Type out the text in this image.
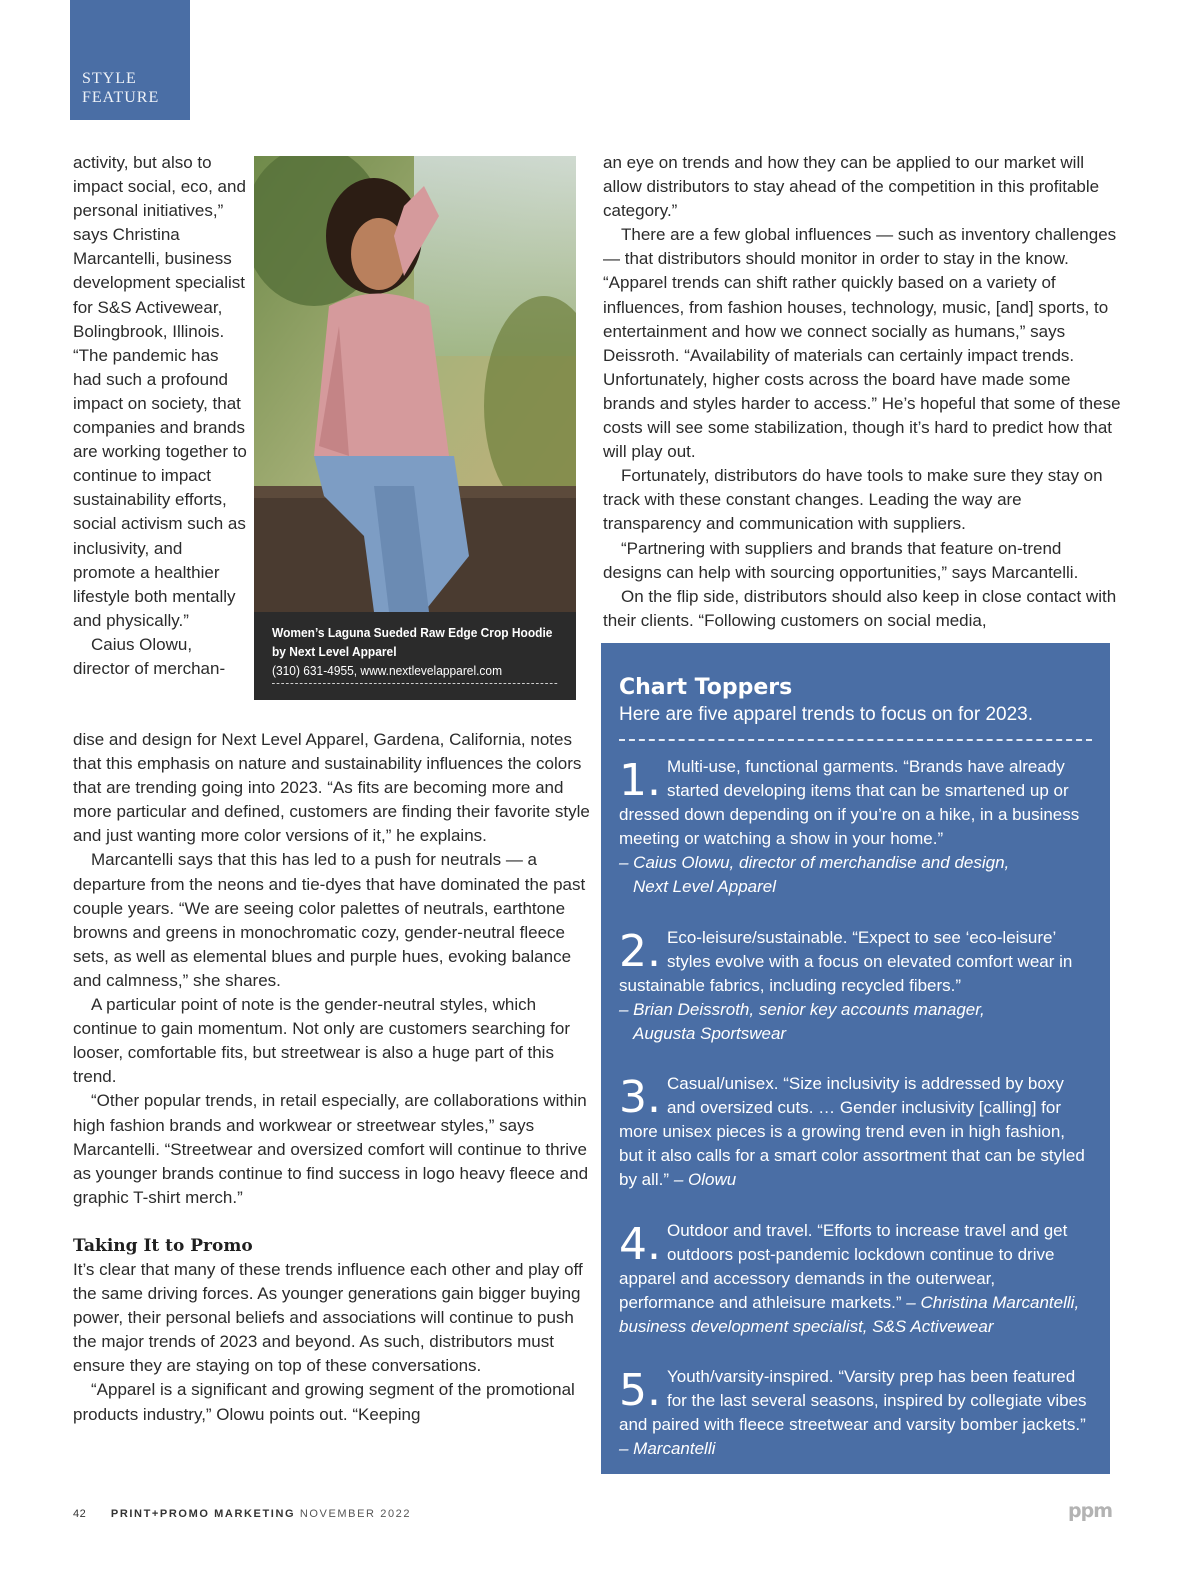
STYLE
FEATURE

activity, but also to impact social, eco, and personal initiatives,” says Christina Marcantelli, business development specialist for S&S Activewear, Bolingbrook, Illinois. “The pandemic has had such a profound impact on society, that companies and brands are working together to continue to impact sustainability efforts, social activism such as inclusivity, and promote a healthier lifestyle both mentally and physically.”

Caius Olowu, director of merchan-

Women’s Laguna Sueded Raw Edge Crop Hoodie by Next Level Apparel
(310) 631-4955, www.nextlevelapparel.com

dise and design for Next Level Apparel, Gardena, California, notes that this emphasis on nature and sustainability influences the colors that are trending going into 2023. “As fits are becoming more and more particular and defined, customers are finding their favorite style and just wanting more color versions of it,” he explains.

Marcantelli says that this has led to a push for neutrals — a departure from the neons and tie-dyes that have dominated the past couple years. “We are seeing color palettes of neutrals, earthtone browns and greens in monochromatic cozy, gender-neutral fleece sets, as well as elemental blues and purple hues, evoking balance and calmness,” she shares.

A particular point of note is the gender-neutral styles, which continue to gain momentum. Not only are customers searching for looser, comfortable fits, but streetwear is also a huge part of this trend.

“Other popular trends, in retail especially, are collaborations within high fashion brands and workwear or streetwear styles,” says Marcantelli. “Streetwear and oversized comfort will continue to thrive as younger brands continue to find success in logo heavy fleece and graphic T-shirt merch.”

Taking It to Promo

It’s clear that many of these trends influence each other and play off the same driving forces. As younger generations gain bigger buying power, their personal beliefs and associations will continue to push the major trends of 2023 and beyond. As such, distributors must ensure they are staying on top of these conversations.

“Apparel is a significant and growing segment of the promotional products industry,” Olowu points out. “Keeping

an eye on trends and how they can be applied to our market will allow distributors to stay ahead of the competition in this profitable category.”

There are a few global influences — such as inventory challenges — that distributors should monitor in order to stay in the know. “Apparel trends can shift rather quickly based on a variety of influences, from fashion houses, technology, music, [and] sports, to entertainment and how we connect socially as humans,” says Deissroth. “Availability of materials can certainly impact trends. Unfortunately, higher costs across the board have made some brands and styles harder to access.” He’s hopeful that some of these costs will see some stabilization, though it’s hard to predict how that will play out.

Fortunately, distributors do have tools to make sure they stay on track with these constant changes. Leading the way are transparency and communication with suppliers.

“Partnering with suppliers and brands that feature on-trend designs can help with sourcing opportunities,” says Marcantelli.

On the flip side, distributors should also keep in close contact with their clients. “Following customers on social media,

Chart Toppers

Here are five apparel trends to focus on for 2023.

1. Multi-use, functional garments. “Brands have already started developing items that can be smartened up or dressed down depending on if you’re on a hike, in a business meeting or watching a show in your home.”

– Caius Olowu, director of merchandise and design,

Next Level Apparel
2. Eco-leisure/sustainable. “Expect to see ‘eco-leisure’ styles evolve with a focus on elevated comfort wear in sustainable fabrics, including recycled fibers.”

– Brian Deissroth, senior key accounts manager,

Augusta Sportswear
3. Casual/unisex. “Size inclusivity is addressed by boxy and oversized cuts. … Gender inclusivity [calling] for more unisex pieces is a growing trend even in high fashion, but it also calls for a smart color assortment that can be styled by all.” – Olowu

4. Outdoor and travel. “Efforts to increase travel and get outdoors post-pandemic lockdown continue to drive apparel and accessory demands in the outerwear, performance and athleisure markets.” – Christina Marcantelli, business development specialist, S&S Activewear

5. Youth/varsity-inspired. “Varsity prep has been featured for the last several seasons, inspired by collegiate vibes and paired with fleece streetwear and varsity bomber jackets.” – Marcantelli

42 PRINT+PROMO MARKETING NOVEMBER 2022	ppm
